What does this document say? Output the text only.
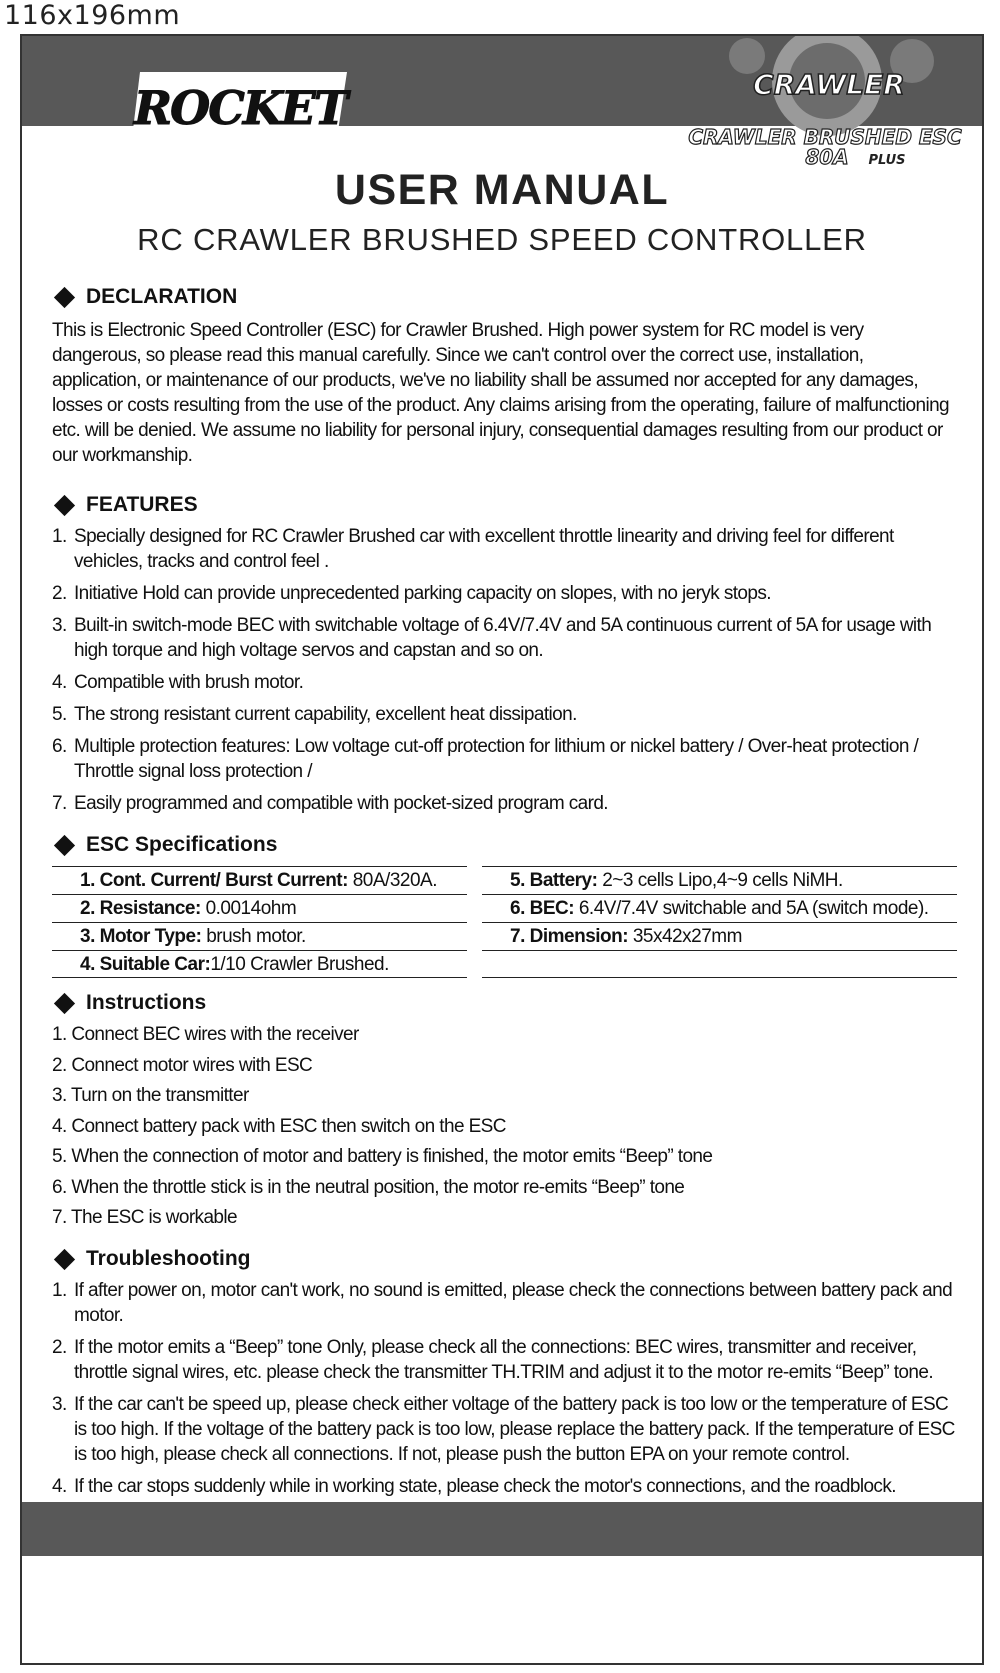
116x196mm
ROCKET	CRAWLER
CRAWLER BRUSHED ESC
80A PLUS
USER MANUAL
RC CRAWLER BRUSHED SPEED CONTROLLER
DECLARATION

This is Electronic Speed Controller (ESC) for Crawler Brushed. High power system for RC model is very dangerous, so please read this manual carefully. Since we can't control over the correct use, installation, application, or maintenance of our products, we've no liability shall be assumed nor accepted for any damages, losses or costs resulting from the use of the product. Any claims arising from the operating, failure of malfunctioning etc. will be denied. We assume no liability for personal injury, consequential damages resulting from our product or our workmanship.

FEATURES
1. Specially designed for RC Crawler Brushed car with excellent throttle linearity and driving feel for different vehicles, tracks and control feel .
2. Initiative Hold can provide unprecedented parking capacity on slopes, with no jeryk stops.
3. Built-in switch-mode BEC with switchable voltage of 6.4V/7.4V and 5A continuous current of 5A for usage with high torque and high voltage servos and capstan and so on.
4. Compatible with brush motor.
5. The strong resistant current capability, excellent heat dissipation.
6. Multiple protection features: Low voltage cut-off protection for lithium or nickel battery / Over-heat protection / Throttle signal loss protection /
7. Easily programmed and compatible with pocket-sized program card.
ESC Specifications
1. Cont. Current/ Burst Current: 80A/320A.
2. Resistance: 0.0014ohm
3. Motor Type: brush motor.
4. Suitable Car:1/10 Crawler Brushed.
5. Battery: 2~3 cells Lipo,4~9 cells NiMH.
6. BEC: 6.4V/7.4V switchable and 5A (switch mode).
7. Dimension: 35x42x27mm
Instructions
1. Connect BEC wires with the receiver
2. Connect motor wires with ESC
3. Turn on the transmitter
4. Connect battery pack with ESC then switch on the ESC
5. When the connection of motor and battery is finished, the motor emits “Beep” tone
6. When the throttle stick is in the neutral position, the motor re-emits “Beep” tone
7. The ESC is workable
Troubleshooting
1. If after power on, motor can't work, no sound is emitted, please check the connections between battery pack and motor.
2. If the motor emits a “Beep” tone Only, please check all the connections: BEC wires, transmitter and receiver, throttle signal wires, etc. please check the transmitter TH.TRIM and adjust it to the motor re-emits “Beep” tone.
3. If the car can't be speed up, please check either voltage of the battery pack is too low or the temperature of ESC is too high. If the voltage of the battery pack is too low, please replace the battery pack. If the temperature of ESC is too high, please check all connections. If not, please push the button EPA on your remote control.
4. If the car stops suddenly while in working state, please check the motor's connections, and the roadblock.
